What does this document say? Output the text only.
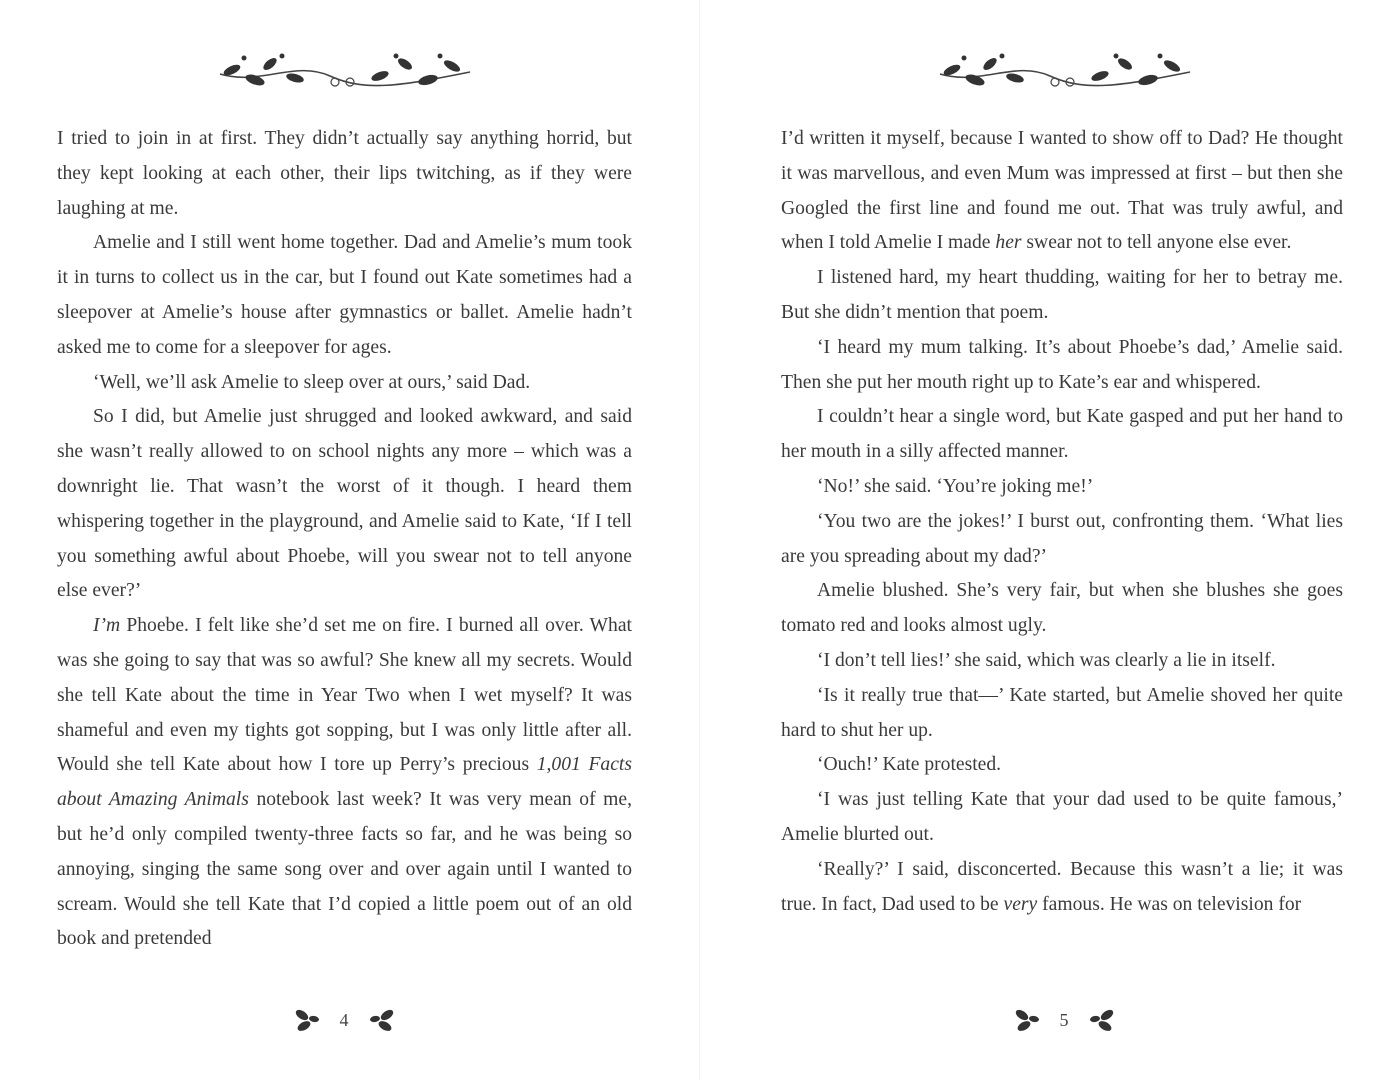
I tried to join in at first. They didn’t actually say anything horrid, but they kept looking at each other, their lips twitching, as if they were laughing at me.

Amelie and I still went home together. Dad and Amelie’s mum took it in turns to collect us in the car, but I found out Kate sometimes had a sleepover at Amelie’s house after gymnastics or ballet. Amelie hadn’t asked me to come for a sleepover for ages.

‘Well, we’ll ask Amelie to sleep over at ours,’ said Dad.

So I did, but Amelie just shrugged and looked awkward, and said she wasn’t really allowed to on school nights any more – which was a downright lie. That wasn’t the worst of it though. I heard them whispering together in the playground, and Amelie said to Kate, ‘If I tell you something awful about Phoebe, will you swear not to tell anyone else ever?’

I’m Phoebe. I felt like she’d set me on fire. I burned all over. What was she going to say that was so awful? She knew all my secrets. Would she tell Kate about the time in Year Two when I wet myself? It was shameful and even my tights got sopping, but I was only little after all. Would she tell Kate about how I tore up Perry’s precious 1,001 Facts about Amazing Animals notebook last week? It was very mean of me, but he’d only compiled twenty-three facts so far, and he was being so annoying, singing the same song over and over again until I wanted to scream. Would she tell Kate that I’d copied a little poem out of an old book and pretended

4

I’d written it myself, because I wanted to show off to Dad? He thought it was marvellous, and even Mum was impressed at first – but then she Googled the first line and found me out. That was truly awful, and when I told Amelie I made her swear not to tell anyone else ever.

I listened hard, my heart thudding, waiting for her to betray me. But she didn’t mention that poem.

‘I heard my mum talking. It’s about Phoebe’s dad,’ Amelie said. Then she put her mouth right up to Kate’s ear and whispered.

I couldn’t hear a single word, but Kate gasped and put her hand to her mouth in a silly affected manner.

‘No!’ she said. ‘You’re joking me!’

‘You two are the jokes!’ I burst out, confronting them. ‘What lies are you spreading about my dad?’

Amelie blushed. She’s very fair, but when she blushes she goes tomato red and looks almost ugly.

‘I don’t tell lies!’ she said, which was clearly a lie in itself.

‘Is it really true that—’ Kate started, but Amelie shoved her quite hard to shut her up.

‘Ouch!’ Kate protested.

‘I was just telling Kate that your dad used to be quite famous,’ Amelie blurted out.

‘Really?’ I said, disconcerted. Because this wasn’t a lie; it was true. In fact, Dad used to be very famous. He was on television for

5
